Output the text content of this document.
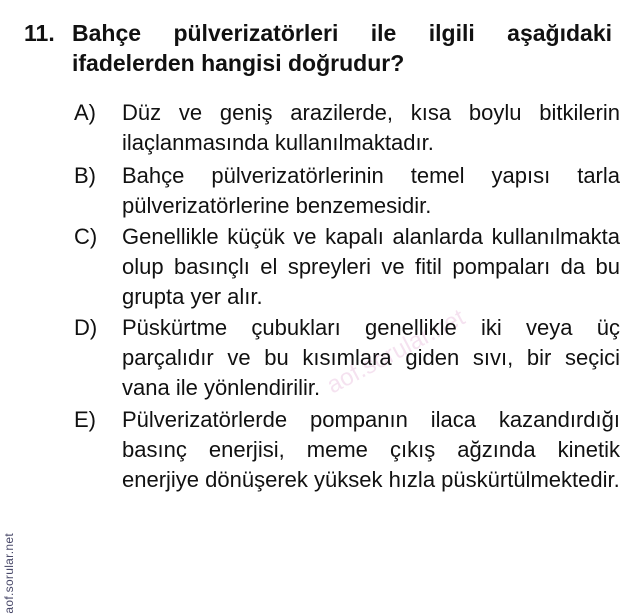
aof.sorular.net
11. Bahçe pülverizatörleri ile ilgili aşağıdaki ifadelerden hangisi doğrudur?
A)	Düz ve geniş arazilerde, kısa boylu bitkilerin ilaçlanmasında kullanılmaktadır.
B)	Bahçe pülverizatörlerinin temel yapısı tarla pülverizatörlerine benzemesidir.
C)	Genellikle küçük ve kapalı alanlarda kullanılmakta olup basınçlı el spreyleri ve fitil pompaları da bu grupta yer alır.
D)	Püskürtme çubukları genellikle iki veya üç parçalıdır ve bu kısımlara giden sıvı, bir seçici vana ile yönlendirilir.
E)	Pülverizatörlerde pompanın ilaca kazandırdığı basınç enerjisi, meme çıkış ağzında kinetik enerjiye dönüşerek yüksek hızla püskürtülmektedir.
aof.sorular.net
